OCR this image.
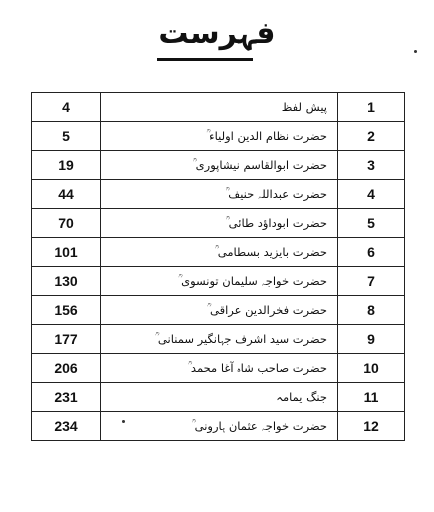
فہرست
4	پیش لفظ	1
5	حضرت نظام الدین اولیاء ؒ	2
19	حضرت ابوالقاسم نیشاپوری ؒ	3
44	حضرت عبداللہ حنیف ؒ	4
70	حضرت ابوداؤد طائی ؒ	5
101	حضرت بایزید بسطامی ؒ	6
130	حضرت خواجہ سلیمان تونسوی ؒ	7
156	حضرت فخرالدین عراقی ؒ	8
177	حضرت سید اشرف جہانگیر سمنانی ؒ	9
206	حضرت صاحب شاہ آغا محمد ؒ	10
231	جنگ یمامہ	11
234	حضرت خواجہ عثمان ہارونی ؒ	12
